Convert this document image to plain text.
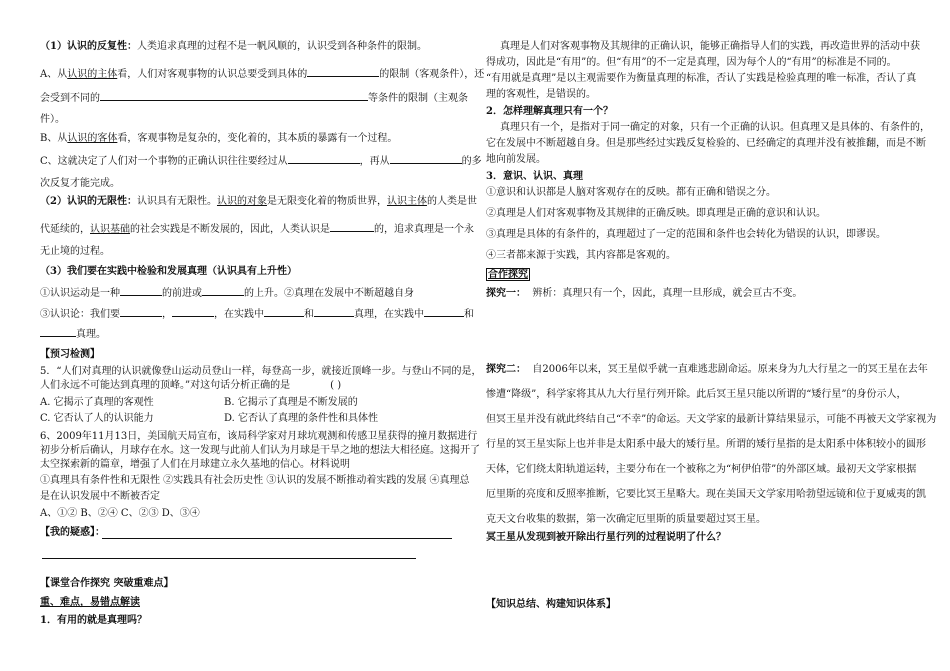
（1）认识的反复性：人类追求真理的过程不是一帆风顺的，认识受到各种条件的限制。
A、从认识的主体看，人们对客观事物的认识总要受到具体的	的限制（客观条件），还
会受到不同的	等条件的限制（主观条
件）。
B、从认识的客体看，客观事物是复杂的，变化着的，其本质的暴露有一个过程。
C、这就决定了人们对一个事物的正确认识往往要经过从	，再从	的多
次反复才能完成。
（2）认识的无限性：认识具有无限性。认识的对象是无限变化着的物质世界，认识主体的人类是世
代延续的，认识基础的社会实践是不断发展的，因此，人类认识是	的，追求真理是一个永
无止境的过程。
（3）我们要在实践中检验和发展真理（认识具有上升性）
①认识运动是一种	的前进或	的上升。②真理在发展中不断超越自身
③认识论：我们要	，	，在实践中	和	真理，在实践中	和
真理。
【预习检测】
5．“人们对真理的认识就像登山运动员登山一样，每登高一步，就接近顶峰一步。与登山不同的是，
人们永远不可能达到真理的顶峰。”对这句话分析正确的是	( )
A. 它揭示了真理的客观性	B. 它揭示了真理是不断发展的
C. 它否认了人的认识能力	D. 它否认了真理的条件性和具体性
6、2009年11月13日，美国航天局宣布，该局科学家对月球坑观测和传感卫星获得的撞月数据进行
初步分析后确认，月球存在水。这一发现与此前人们认为月球是干旱之地的想法大相径庭。这揭开了
太空探索新的篇章，增强了人们在月球建立永久基地的信心。材料说明
①真理具有条件性和无限性 ②实践具有社会历史性 ③认识的发展不断推动着实践的发展 ④真理总
是在认识发展中不断被否定
A、①② B、②④ C、②③ D、③④
【我的疑惑】：
【课堂合作探究 突破重难点】
重、难点，易错点解读
1．有用的就是真理吗？
真理是人们对客观事物及其规律的正确认识，能够正确指导人们的实践，再改造世界的活动中获
得成功，因此是“有用”的。但“有用”的不一定是真理，因为每个人的“有用”的标准是不同的。
“有用就是真理”是以主观需要作为衡量真理的标准，否认了实践是检验真理的唯一标准，否认了真
理的客观性，是错误的。
2．怎样理解真理只有一个？
真理只有一个，是指对于同一确定的对象，只有一个正确的认识。但真理又是具体的、有条件的，
它在发展中不断超越自身。但是那些经过实践反复检验的、已经确定的真理并没有被推翻，而是不断
地向前发展。
3．意识、认识、真理
①意识和认识都是人脑对客观存在的反映。都有正确和错误之分。
②真理是人们对客观事物及其规律的正确反映。即真理是正确的意识和认识。
③真理是具体的有条件的，真理超过了一定的范围和条件也会转化为错误的认识，即谬误。
④三者都来源于实践，其内容都是客观的。
合作探究
探究一： 辨析：真理只有一个，因此，真理一旦形成，就会亘古不变。
探究二： 自2006年以来，冥王星似乎就一直难逃悲剧命运。原来身为九大行星之一的冥王星在去年
惨遭“降级”，科学家将其从九大行星行列开除。此后冥王星只能以所谓的“矮行星”的身份示人，
但冥王星并没有就此终结自己“不幸”的命运。天文学家的最新计算结果显示，可能不再被天文学家视为
行星的冥王星实际上也并非是太阳系中最大的矮行星。所谓的矮行星指的是太阳系中体积较小的圆形
天体，它们绕太阳轨道运转，主要分布在一个被称之为“柯伊伯带”的外部区域。最初天文学家根据
厄里斯的亮度和反照率推断，它要比冥王星略大。现在美国天文学家用哈勃望远镜和位于夏威夷的凯
克天文台收集的数据，第一次确定厄里斯的质量要超过冥王星。
冥王星从发现到被开除出行星行列的过程说明了什么？
【知识总结、构建知识体系】
